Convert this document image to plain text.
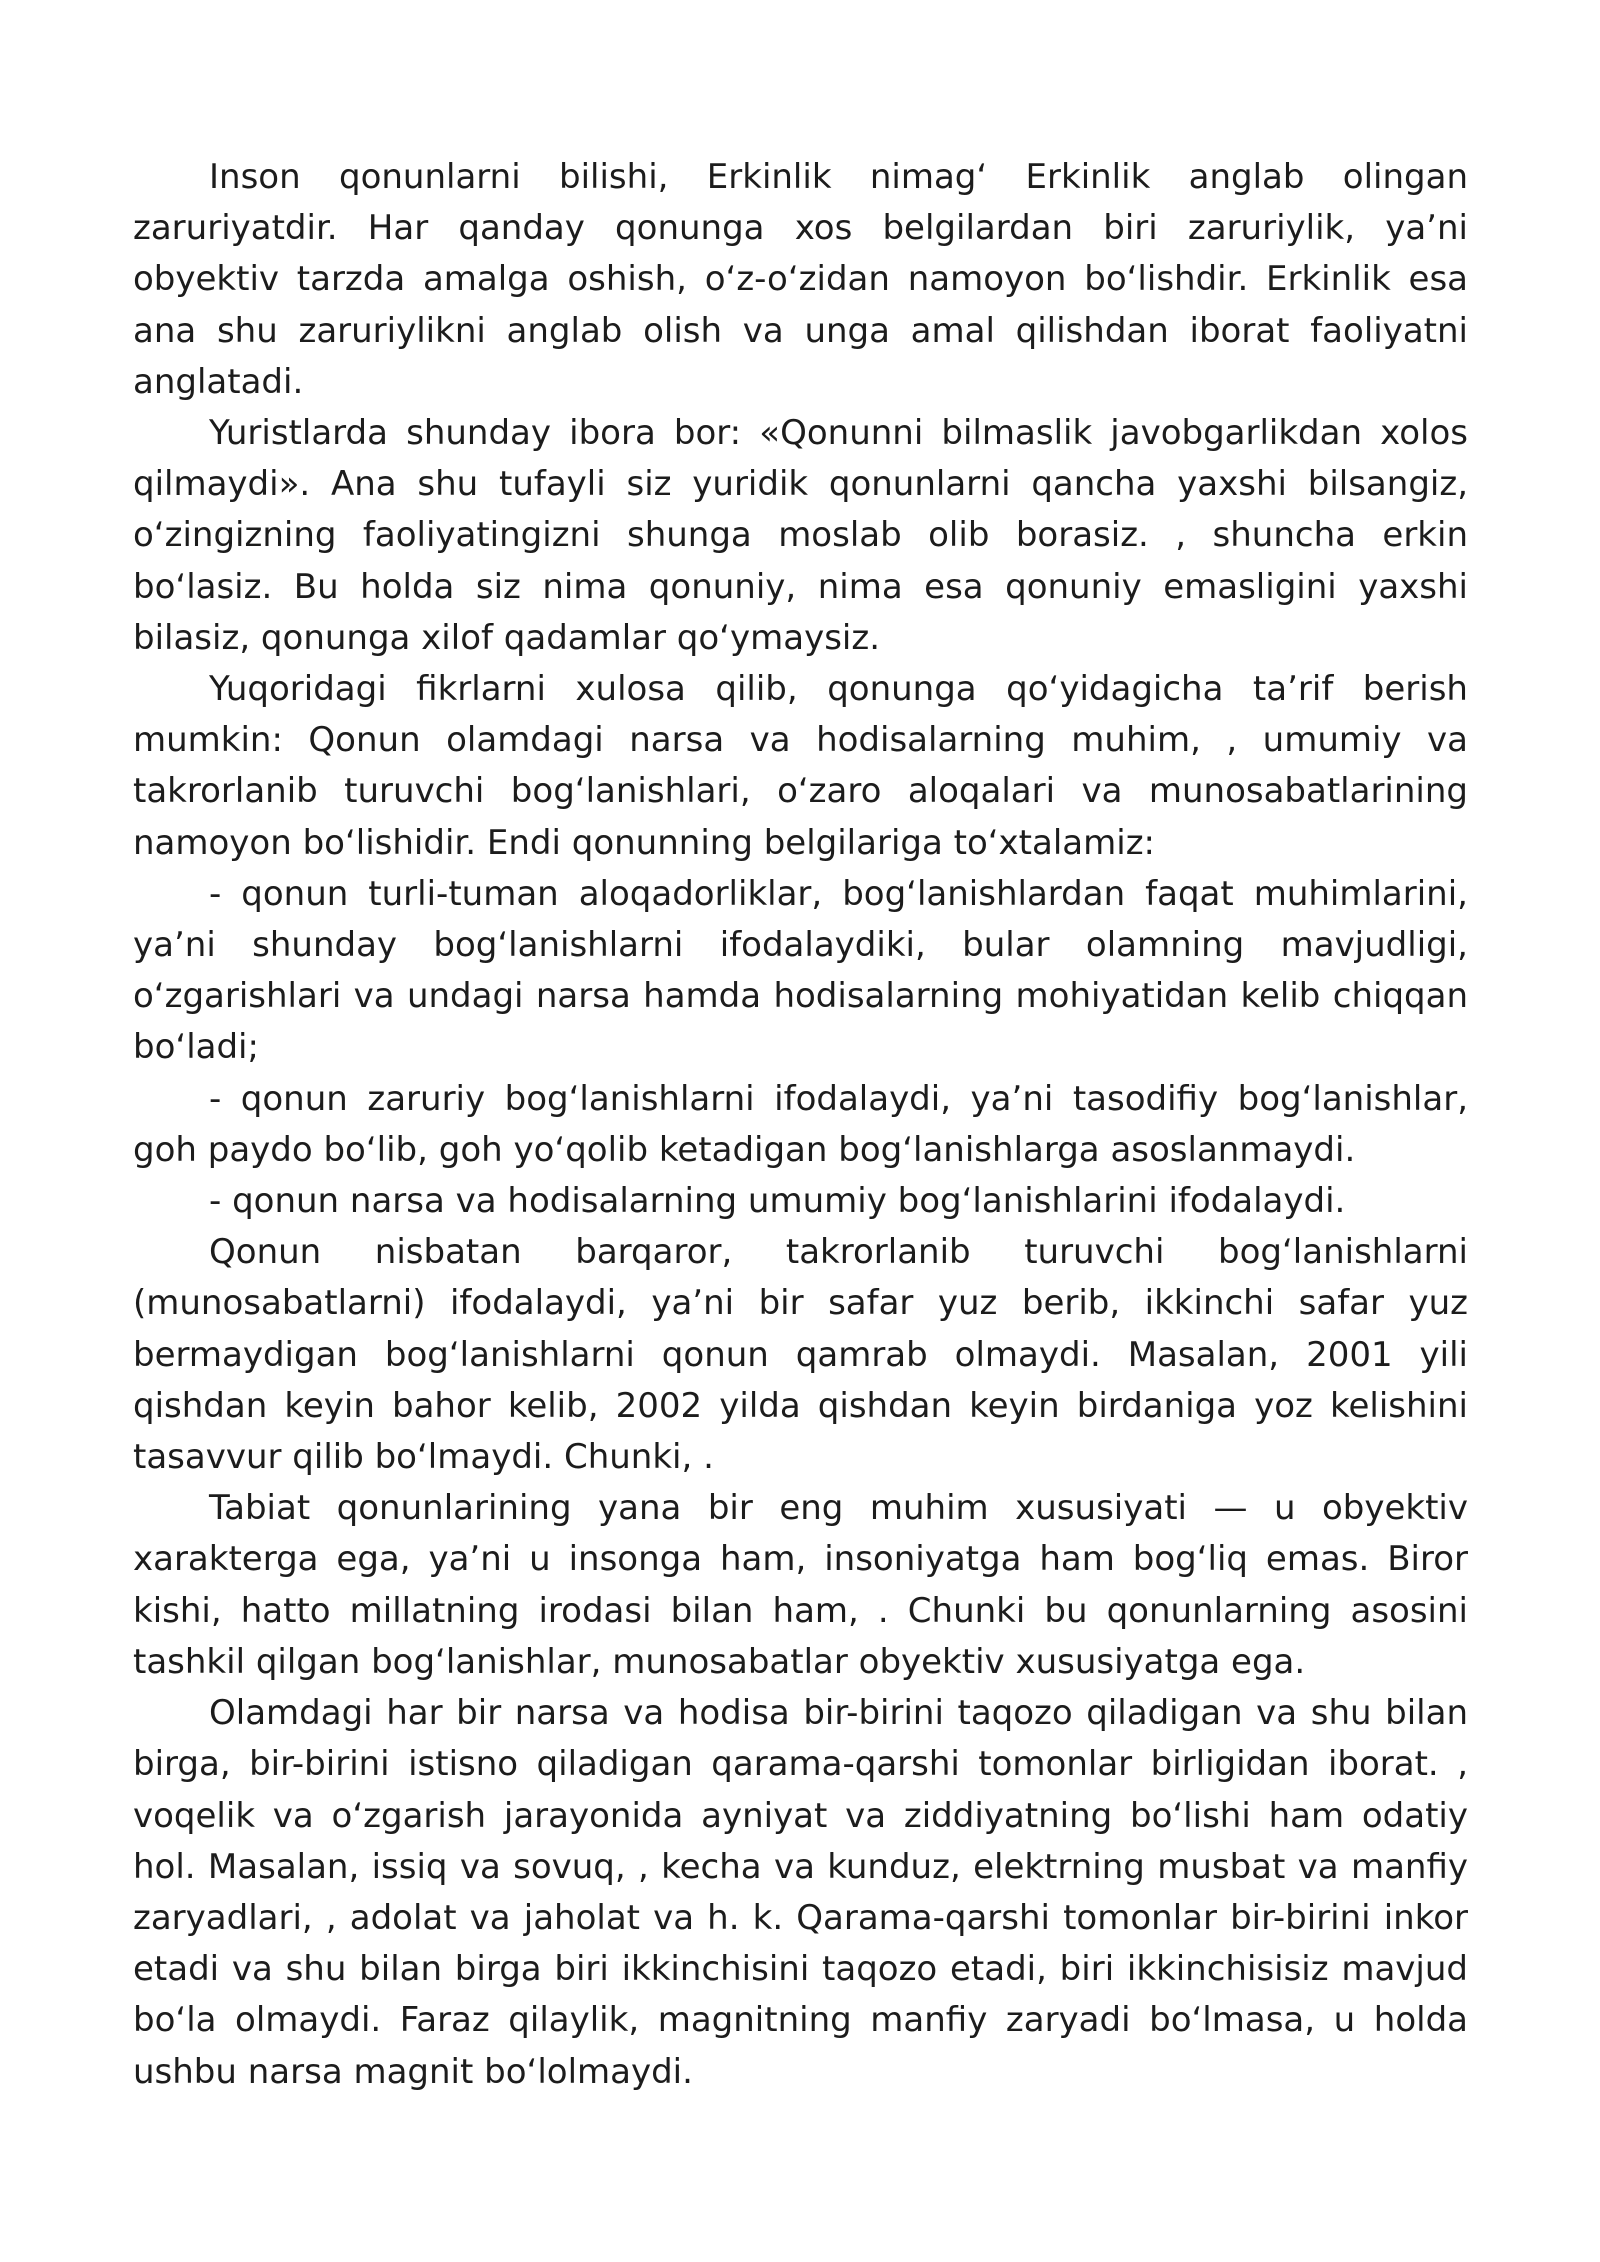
Inson qonunlarni bilishi, Erkinlik nimag‘ Erkinlik anglab olingan zaruriyatdir. Har qanday qonunga xos belgilardan biri zaruriylik, ya’ni obyektiv tarzda amalga oshish, o‘z-o‘zidan namoyon bo‘lishdir. Erkinlik esa ana shu zaruriylikni anglab olish va unga amal qilishdan iborat faoliyatni anglatadi.

Yuristlarda shunday ibora bor: «Qonunni bilmaslik javobgarlikdan xolos qilmaydi». Ana shu tufayli siz yuridik qonunlarni qancha yaxshi bilsangiz, o‘zingizning faoliyatingizni shunga moslab olib borasiz. , shuncha erkin bo‘lasiz. Bu holda siz nima qonuniy, nima esa qonuniy emasligini yaxshi bilasiz, qonunga xilof qadamlar qo‘ymaysiz.

Yuqoridagi fikrlarni xulosa qilib, qonunga qo‘yidagicha ta’rif berish mumkin: Qonun olamdagi narsa va hodisalarning muhim, , umumiy va takrorlanib turuvchi bog‘lanishlari, o‘zaro aloqalari va munosabatlarining namoyon bo‘lishidir. Endi qonunning belgilariga to‘xtalamiz:

- qonun turli-tuman aloqadorliklar, bog‘lanishlardan faqat muhimlarini, ya’ni shunday bog‘lanishlarni ifodalaydiki, bular olamning mavjudligi, o‘zgarishlari va undagi narsa hamda hodisalarning mohiyatidan kelib chiqqan bo‘ladi;

- qonun zaruriy bog‘lanishlarni ifodalaydi, ya’ni tasodifiy bog‘lanishlar, goh paydo bo‘lib, goh yo‘qolib ketadigan bog‘lanishlarga asoslanmaydi.

- qonun narsa va hodisalarning umumiy bog‘lanishlarini ifodalaydi.

Qonun nisbatan barqaror, takrorlanib turuvchi bog‘lanishlarni (munosabatlarni) ifodalaydi, ya’ni bir safar yuz berib, ikkinchi safar yuz bermaydigan bog‘lanishlarni qonun qamrab olmaydi. Masalan, 2001 yili qishdan keyin bahor kelib, 2002 yilda qishdan keyin birdaniga yoz kelishini tasavvur qilib bo‘lmaydi. Chunki, .

Tabiat qonunlarining yana bir eng muhim xususiyati — u obyektiv xarakterga ega, ya’ni u insonga ham, insoniyatga ham bog‘liq emas. Biror kishi, hatto millatning irodasi bilan ham, . Chunki bu qonunlarning asosini tashkil qilgan bog‘lanishlar, munosabatlar obyektiv xususiyatga ega.

Olamdagi har bir narsa va hodisa bir-birini taqozo qiladigan va shu bilan birga, bir-birini istisno qiladigan qarama-qarshi tomonlar birligidan iborat. , voqelik va o‘zgarish jarayonida ayniyat va ziddiyatning bo‘lishi ham odatiy hol. Masalan, issiq va sovuq, , kecha va kunduz, elektrning musbat va manfiy zaryadlari, , adolat va jaholat va h. k. Qarama-qarshi tomonlar bir-birini inkor etadi va shu bilan birga biri ikkinchisini taqozo etadi, biri ikkinchisisiz mavjud bo‘la olmaydi. Faraz qilaylik, magnitning manfiy zaryadi bo‘lmasa, u holda ushbu narsa magnit bo‘lolmaydi.
